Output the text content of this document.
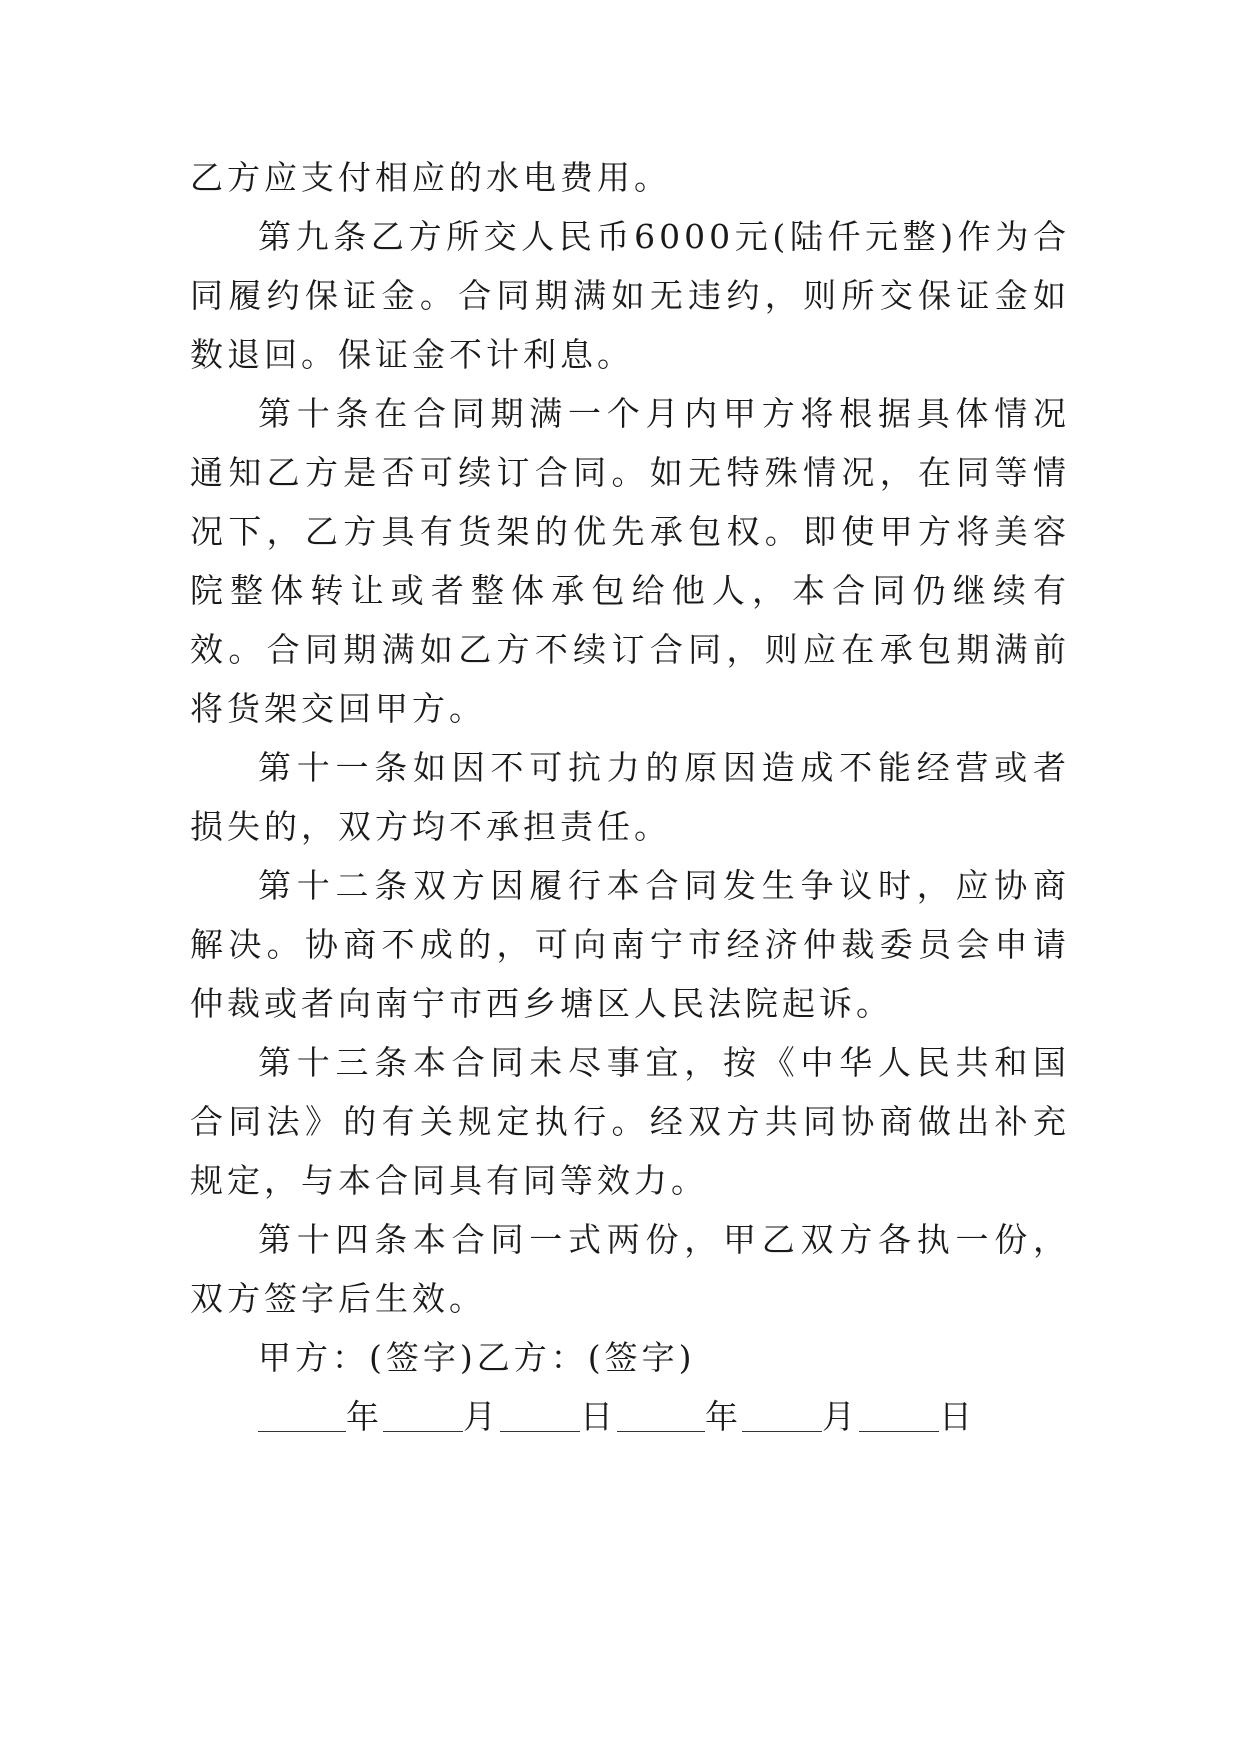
乙方应支付相应的水电费用。

第九条乙方所交人民币6000元(陆仟元整)作为合同履约保证金。合同期满如无违约，则所交保证金如数退回。保证金不计利息。

第十条在合同期满一个月内甲方将根据具体情况通知乙方是否可续订合同。如无特殊情况，在同等情况下，乙方具有货架的优先承包权。即使甲方将美容院整体转让或者整体承包给他人，本合同仍继续有效。合同期满如乙方不续订合同，则应在承包期满前将货架交回甲方。

第十一条如因不可抗力的原因造成不能经营或者损失的，双方均不承担责任。

第十二条双方因履行本合同发生争议时，应协商解决。协商不成的，可向南宁市经济仲裁委员会申请仲裁或者向南宁市西乡塘区人民法院起诉。

第十三条本合同未尽事宜，按《中华人民共和国合同法》的有关规定执行。经双方共同协商做出补充规定，与本合同具有同等效力。

第十四条本合同一式两份，甲乙双方各执一份，双方签字后生效。

甲方：(签字)乙方：(签字)

年 月 日	年 月 日
